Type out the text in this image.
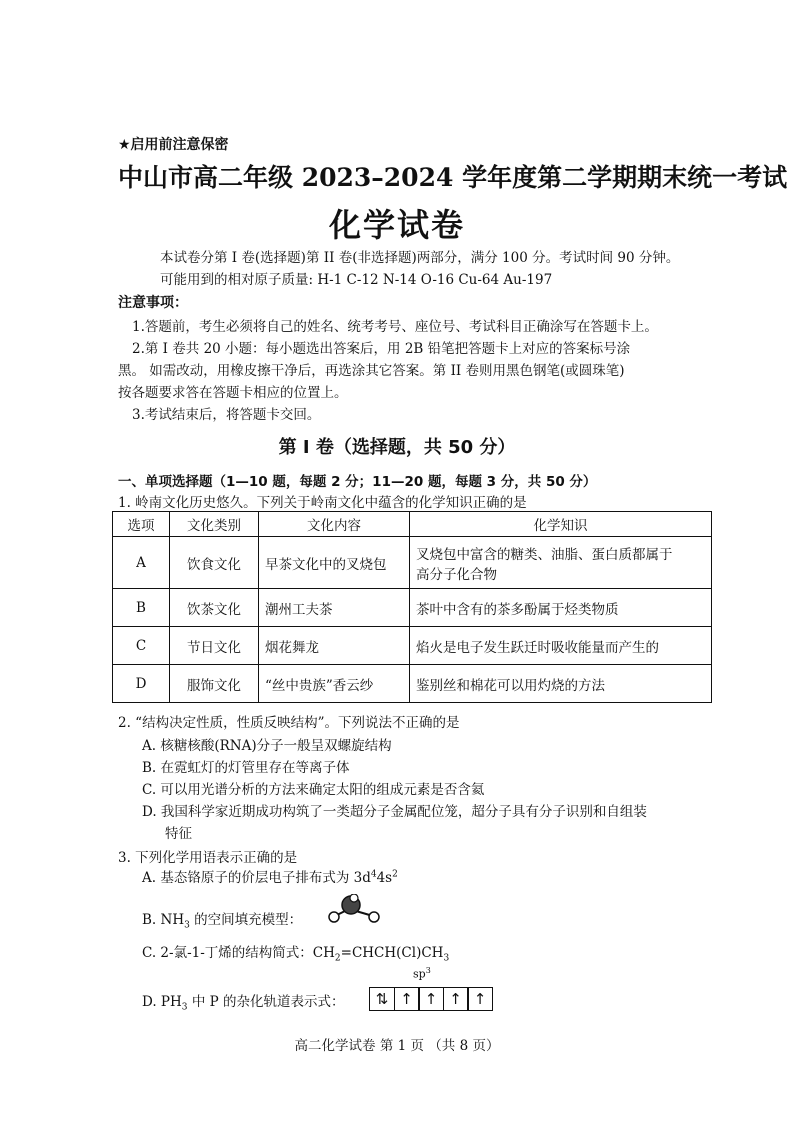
★启用前注意保密
中山市高二年级 2023–2024 学年度第二学期期末统一考试
化学试卷
本试卷分第 I 卷(选择题)第 II 卷(非选择题)两部分，满分 100 分。考试时间 90 分钟。
可能用到的相对原子质量: H-1 C-12 N-14 O-16 Cu-64 Au-197
注意事项：
1.答题前，考生必须将自己的姓名、统考考号、座位号、考试科目正确涂写在答题卡上。
2.第 I 卷共 20 小题：每小题选出答案后，用 2B 铅笔把答题卡上对应的答案标号涂
黑。 如需改动，用橡皮擦干净后，再选涂其它答案。第 II 卷则用黑色钢笔(或圆珠笔)
按各题要求答在答题卡相应的位置上。
3.考试结束后，将答题卡交回。
第 I 卷（选择题，共 50 分）
一、单项选择题（1—10 题，每题 2 分；11—20 题，每题 3 分，共 50 分）
1. 岭南文化历史悠久。下列关于岭南文化中蕴含的化学知识正确的是
选项	文化类别	文化内容	化学知识
A	饮食文化	早茶文化中的叉烧包	叉烧包中富含的糖类、油脂、蛋白质都属于
高分子化合物

B	饮茶文化	潮州工夫茶	茶叶中含有的茶多酚属于烃类物质
C	节日文化	烟花舞龙	焰火是电子发生跃迁时吸收能量而产生的
D	服饰文化	“丝中贵族”香云纱	鉴别丝和棉花可以用灼烧的方法
2. “结构决定性质，性质反映结构”。下列说法不正确的是
A. 核糖核酸(RNA)分子一般呈双螺旋结构
B. 在霓虹灯的灯管里存在等离子体
C. 可以用光谱分析的方法来确定太阳的组成元素是否含氦
D. 我国科学家近期成功构筑了一类超分子金属配位笼，超分子具有分子识别和自组装
特征
3. 下列化学用语表示正确的是
A. 基态铬原子的价层电子排布式为 $3d^44s^2$
B. $NH_3$ 的空间填充模型：
C. 2-氯-1-丁烯的结构简式：$CH_2=CHCH(Cl)CH_3$
$sp^3$
D. $PH_3$ 中 P 的杂化轨道表示式：	⇅ ↑ ↑ ↑ ↑
高二化学试卷 第 1 页 （共 8 页）
